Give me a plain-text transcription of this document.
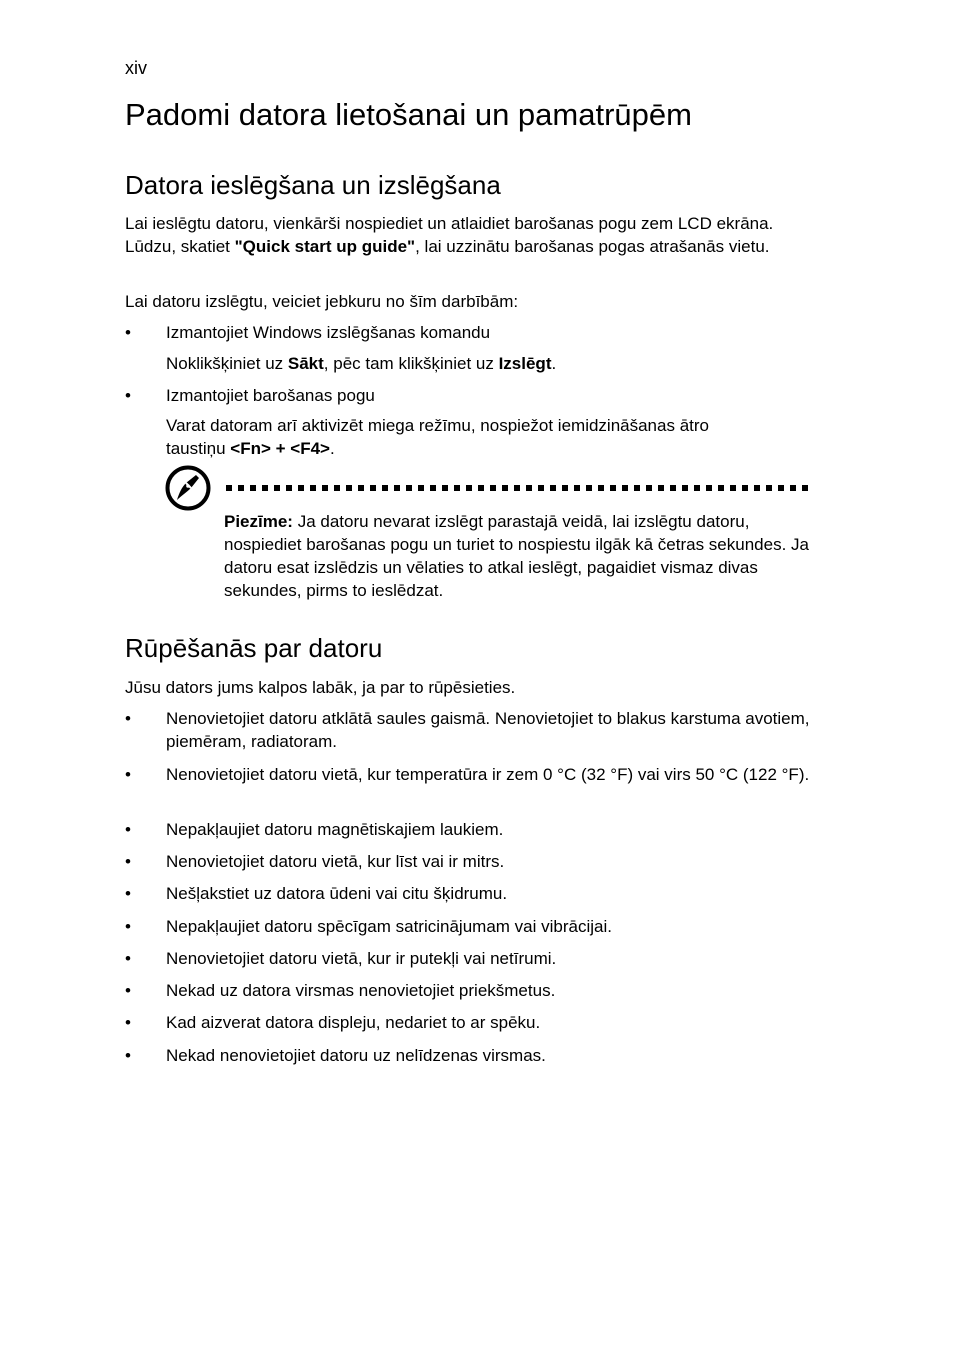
xiv
Padomi datora lietošanai un pamatrūpēm
Datora ieslēgšana un izslēgšana
Lai ieslēgtu datoru, vienkārši nospiediet un atlaidiet barošanas pogu zem LCD ekrāna. Lūdzu, skatiet "Quick start up guide", lai uzzinātu barošanas pogas atrašanās vietu.
Lai datoru izslēgtu, veiciet jebkuru no šīm darbībām:
• Izmantojiet Windows izslēgšanas komandu
Noklikšķiniet uz Sākt, pēc tam klikšķiniet uz Izslēgt.
• Izmantojiet barošanas pogu
Varat datoram arī aktivizēt miega režīmu, nospiežot iemidzināšanas ātro taustiņu <Fn> + <F4>.
Piezīme: Ja datoru nevarat izslēgt parastajā veidā, lai izslēgtu datoru, nospiediet barošanas pogu un turiet to nospiestu ilgāk kā četras sekundes. Ja datoru esat izslēdzis un vēlaties to atkal ieslēgt, pagaidiet vismaz divas sekundes, pirms to ieslēdzat.
Rūpēšanās par datoru
Jūsu dators jums kalpos labāk, ja par to rūpēsieties.
• Nenovietojiet datoru atklātā saules gaismā. Nenovietojiet to blakus karstuma avotiem, piemēram, radiatoram.
• Nenovietojiet datoru vietā, kur temperatūra ir zem 0 °C (32 °F) vai virs 50 °C (122 °F).
• Nepakļaujiet datoru magnētiskajiem laukiem.
• Nenovietojiet datoru vietā, kur līst vai ir mitrs.
• Nešļakstiet uz datora ūdeni vai citu šķidrumu.
• Nepakļaujiet datoru spēcīgam satricinājumam vai vibrācijai.
• Nenovietojiet datoru vietā, kur ir putekļi vai netīrumi.
• Nekad uz datora virsmas nenovietojiet priekšmetus.
• Kad aizverat datora displeju, nedariet to ar spēku.
• Nekad nenovietojiet datoru uz nelīdzenas virsmas.
